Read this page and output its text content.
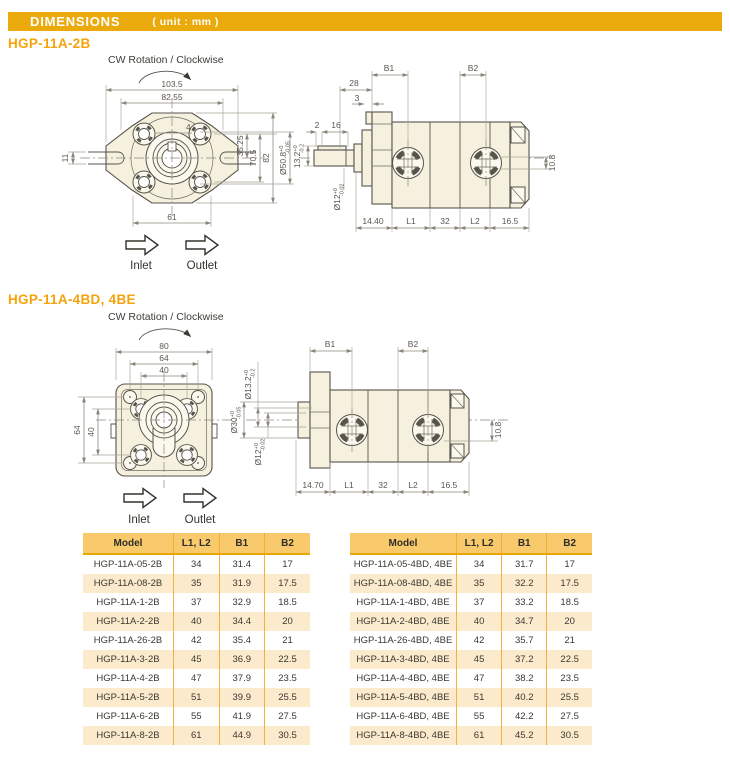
DIMENSIONS	( unit : mm )
HGP-11A-2B
HGP-11A-4BD, 4BE
CW Rotation / Clockwise
4
103.5
82.55
35.25
70.5 82 $Ø50.8^{+0}-0.05$
61
11
Inlet	Outlet
B1	B2
28
3
2 16
$13.2^{+0}-0.2$
$Ø12^{+0}-0.02$
10.8
14.40	L1	32 L2	16.5
CW Rotation / Clockwise
80
64
40
64 40
Inlet	Outlet
B1	B2
$Ø13.2^{+0}-0.2$
$Ø30^{+0}-0.05$
$Ø12^{+0}-0.02$
10.8
14.70 L1	32 L2	16.5
Model	L1, L2	B1	B2
HGP-11A-05-2B	34	31.4	17
HGP-11A-08-2B	35	31.9	17.5
HGP-11A-1-2B	37	32.9	18.5
HGP-11A-2-2B	40	34.4	20
HGP-11A-26-2B	42	35.4	21
HGP-11A-3-2B	45	36.9	22.5
HGP-11A-4-2B	47	37.9	23.5
HGP-11A-5-2B	51	39.9	25.5
HGP-11A-6-2B	55	41.9	27.5
HGP-11A-8-2B	61	44.9	30.5
Model	L1, L2	B1	B2
HGP-11A-05-4BD, 4BE	34	31.7	17
HGP-11A-08-4BD, 4BE	35	32.2	17.5
HGP-11A-1-4BD, 4BE	37	33.2	18.5
HGP-11A-2-4BD, 4BE	40	34.7	20
HGP-11A-26-4BD, 4BE	42	35.7	21
HGP-11A-3-4BD, 4BE	45	37.2	22.5
HGP-11A-4-4BD, 4BE	47	38.2	23.5
HGP-11A-5-4BD, 4BE	51	40.2	25.5
HGP-11A-6-4BD, 4BE	55	42.2	27.5
HGP-11A-8-4BD, 4BE	61	45.2	30.5
